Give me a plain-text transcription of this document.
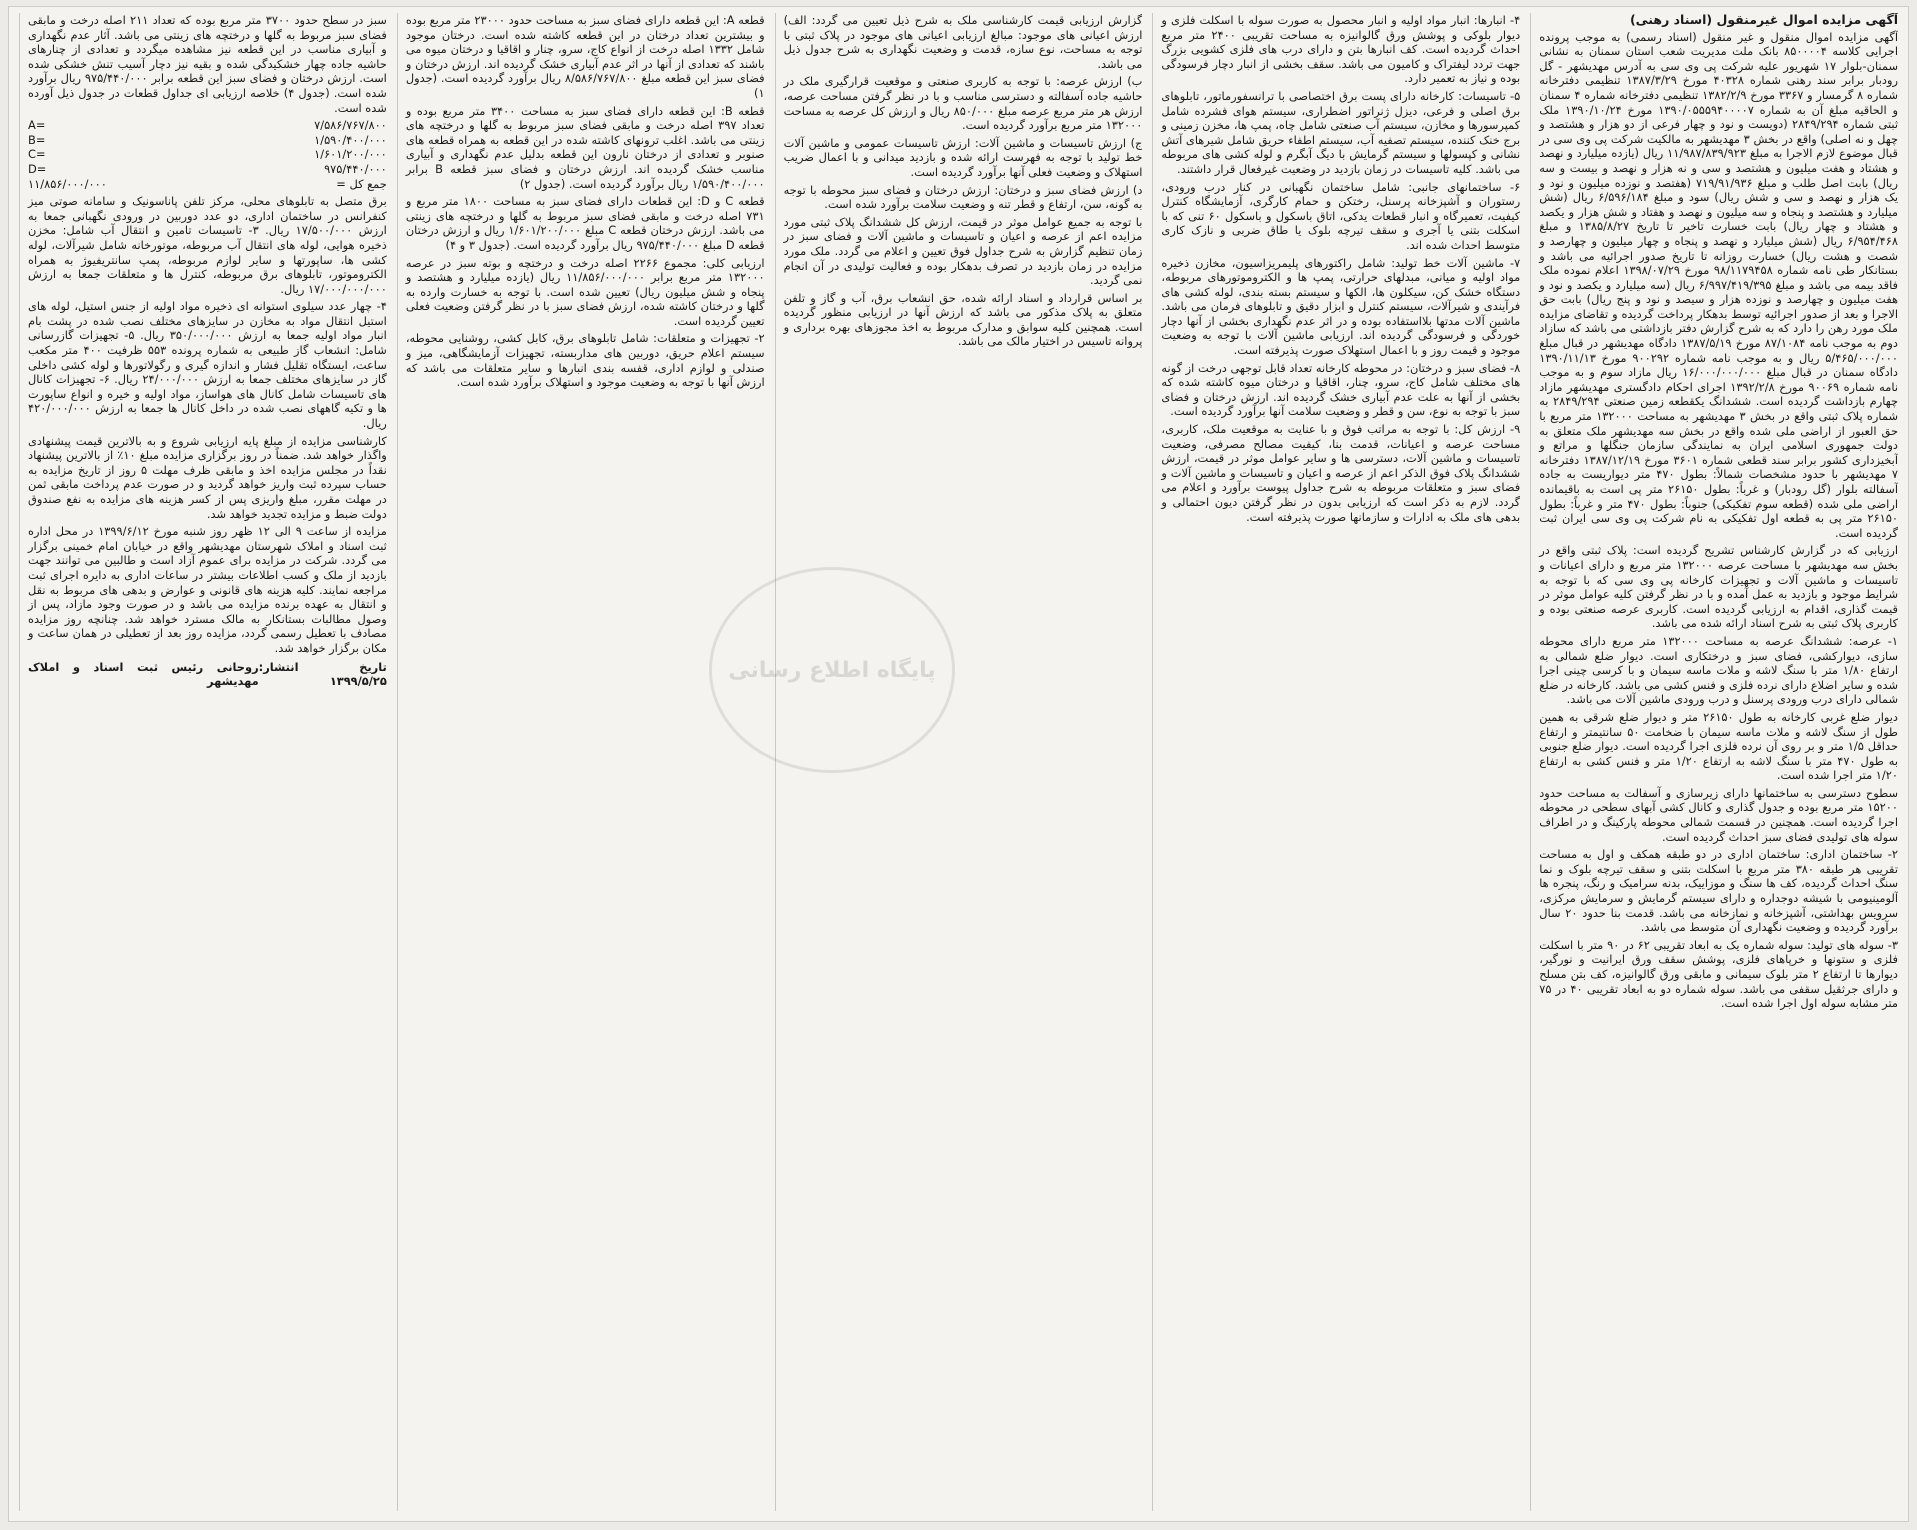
آگهی مزایده اموال غیرمنقول (اسناد رهنی)

آگهی مزایده اموال منقول و غیر منقول (اسناد رسمی) به موجب پرونده اجرایی کلاسه ۸۵۰۰۰۰۴ بانک ملت مدیریت شعب استان سمنان به نشانی سمنان-بلوار ۱۷ شهریور علیه شرکت پی وی سی به آدرس مهدیشهر - گل رودبار برابر سند رهنی شماره ۴۰۳۲۸ مورخ ۱۳۸۷/۳/۲۹ تنظیمی دفترخانه شماره ۸ گرمسار و ۳۳۶۷ مورخ ۱۳۸۲/۲/۹ تنظیمی دفترخانه شماره ۴ سمنان و الحاقیه مبلغ آن به شماره ۱۳۹۰/۰۵۵۵۹۴۰۰۰۰۷ مورخ ۱۳۹۰/۱۰/۲۴ ملک ثبتی شماره ۲۸۴۹/۲۹۴ (دویست و نود و چهار فرعی از دو هزار و هشتصد و چهل و نه اصلی) واقع در بخش ۳ مهدیشهر به مالکیت شرکت پی وی سی در قبال موضوع لازم الاجرا به مبلغ ۱۱/۹۸۷/۸۳۹/۹۲۳ ریال (یازده میلیارد و نهصد و هشتاد و هفت میلیون و هشتصد و سی و نه هزار و نهصد و بیست و سه ریال) بابت اصل طلب و مبلغ ۷۱۹/۹۱/۹۳۶ (هفتصد و نوزده میلیون و نود و یک هزار و نهصد و سی و شش ریال) سود و مبلغ ۶/۵۹۶/۱۸۴ ریال (شش میلیارد و هشتصد و پنجاه و سه میلیون و نهصد و هفتاد و شش هزار و یکصد و هشتاد و چهار ریال) بابت خسارت تاخیر تا تاریخ ۱۳۸۵/۸/۲۷ و مبلغ ۶/۹۵۴/۴۶۸ ریال (شش میلیارد و نهصد و پنجاه و چهار میلیون و چهارصد و شصت و هشت ریال) خسارت روزانه تا تاریخ صدور اجرائیه می باشد و بستانکار طی نامه شماره ۹۸/۱۱۷۹۴۵۸ مورخ ۱۳۹۸/۰۷/۲۹ اعلام نموده ملک فاقد بیمه می باشد و مبلغ ۶/۹۹۷/۴۱۹/۳۹۵ ریال (سه میلیارد و یکصد و نود و هفت میلیون و چهارصد و نوزده هزار و سیصد و نود و پنج ریال) بابت حق الاجرا و بعد از صدور اجرائیه توسط بدهکار پرداخت گردیده و تقاضای مزایده ملک مورد رهن را دارد که به شرح گزارش دفتر بازداشتی می باشد که سازاد دوم به موجب نامه ۸۷/۱۰۸۴ مورخ ۱۳۸۷/۵/۱۹ دادگاه مهدیشهر در قبال مبلغ ۵/۴۶۵/۰۰۰/۰۰۰ ریال و به موجب نامه شماره ۹۰۰۲۹۲ مورخ ۱۳۹۰/۱۱/۱۳ دادگاه سمنان در قبال مبلغ ۱۶/۰۰۰/۰۰۰/۰۰۰ ریال مازاد سوم و به موجب نامه شماره ۹۰۰۶۹ مورخ ۱۳۹۲/۲/۸ اجرای احکام دادگستری مهدیشهر مازاد چهارم بازداشت گردیده است. ششدانگ یکقطعه زمین صنعتی ۲۸۴۹/۲۹۴ به شماره پلاک ثبتی واقع در بخش ۳ مهدیشهر به مساحت ۱۳۲۰۰۰ متر مربع با حق العبور از اراضی ملی شده واقع در بخش سه مهدیشهر ملک متعلق به دولت جمهوری اسلامی ایران به نمایندگی سازمان جنگلها و مراتع و آبخیزداری کشور برابر سند قطعی شماره ۳۶۰۱ مورخ ۱۳۸۷/۱۲/۱۹ دفترخانه ۷ مهدیشهر با حدود مشخصات شمالاً: بطول ۴۷۰ متر دیواریست به جاده آسفالته بلوار (گل رودبار) و غرباً: بطول ۲۶۱۵۰ متر پی است به باقیمانده اراضی ملی شده (قطعه سوم تفکیکی) جنوباً: بطول ۴۷۰ متر و غرباً: بطول ۲۶۱۵۰ متر پی به قطعه اول تفکیکی به نام شرکت پی وی سی ایران ثبت گردیده است.

ارزیابی که در گزارش کارشناس تشریح گردیده است: پلاک ثبتی واقع در بخش سه مهدیشهر با مساحت عرصه ۱۳۲۰۰۰ متر مربع و دارای اعیانات و تاسیسات و ماشین آلات و تجهیزات کارخانه پی وی سی که با توجه به شرایط موجود و بازدید به عمل آمده و با در نظر گرفتن کلیه عوامل موثر در قیمت گذاری، اقدام به ارزیابی گردیده است. کاربری عرصه صنعتی بوده و کاربری پلاک ثبتی به شرح اسناد ارائه شده می باشد.

۱- عرصه: ششدانگ عرصه به مساحت ۱۳۲۰۰۰ متر مربع دارای محوطه سازی، دیوارکشی، فضای سبز و درختکاری است. دیوار ضلع شمالی به ارتفاع ۱/۸۰ متر با سنگ لاشه و ملات ماسه سیمان و با کرسی چینی اجرا شده و سایر اضلاع دارای نرده فلزی و فنس کشی می باشد. کارخانه در ضلع شمالی دارای درب ورودی پرسنل و درب ورودی ماشین آلات می باشد.

دیوار ضلع غربی کارخانه به طول ۲۶۱۵۰ متر و دیوار ضلع شرقی به همین طول از سنگ لاشه و ملات ماسه سیمان با ضخامت ۵۰ سانتیمتر و ارتفاع حداقل ۱/۵ متر و بر روی آن نرده فلزی اجرا گردیده است. دیوار ضلع جنوبی به طول ۴۷۰ متر با سنگ لاشه به ارتفاع ۱/۲۰ متر و فنس کشی به ارتفاع ۱/۲۰ متر اجرا شده است.

سطوح دسترسی به ساختمانها دارای زیرسازی و آسفالت به مساحت حدود ۱۵۲۰۰ متر مربع بوده و جدول گذاری و کانال کشی آبهای سطحی در محوطه اجرا گردیده است. همچنین در قسمت شمالی محوطه پارکینگ و در اطراف سوله های تولیدی فضای سبز احداث گردیده است.

۲- ساختمان اداری: ساختمان اداری در دو طبقه همکف و اول به مساحت تقریبی هر طبقه ۳۸۰ متر مربع با اسکلت بتنی و سقف تیرچه بلوک و نما سنگ احداث گردیده، کف ها سنگ و موزاییک، بدنه سرامیک و رنگ، پنجره ها آلومینیومی با شیشه دوجداره و دارای سیستم گرمایش و سرمایش مرکزی، سرویس بهداشتی، آشپزخانه و نمازخانه می باشد. قدمت بنا حدود ۲۰ سال برآورد گردیده و وضعیت نگهداری آن متوسط می باشد.

۳- سوله های تولید: سوله شماره یک به ابعاد تقریبی ۶۲ در ۹۰ متر با اسکلت فلزی و ستونها و خرپاهای فلزی، پوشش سقف ورق ایرانیت و نورگیر، دیوارها تا ارتفاع ۲ متر بلوک سیمانی و مابقی ورق گالوانیزه، کف بتن مسلح و دارای جرثقیل سقفی می باشد. سوله شماره دو به ابعاد تقریبی ۴۰ در ۷۵ متر مشابه سوله اول اجرا شده است.

۴- انبارها: انبار مواد اولیه و انبار محصول به صورت سوله با اسکلت فلزی و دیوار بلوکی و پوشش ورق گالوانیزه به مساحت تقریبی ۲۴۰۰ متر مربع احداث گردیده است. کف انبارها بتن و دارای درب های فلزی کشویی بزرگ جهت تردد لیفتراک و کامیون می باشد. سقف بخشی از انبار دچار فرسودگی بوده و نیاز به تعمیر دارد.

۵- تاسیسات: کارخانه دارای پست برق اختصاصی با ترانسفورماتور، تابلوهای برق اصلی و فرعی، دیزل ژنراتور اضطراری، سیستم هوای فشرده شامل کمپرسورها و مخازن، سیستم آب صنعتی شامل چاه، پمپ ها، مخزن زمینی و برج خنک کننده، سیستم تصفیه آب، سیستم اطفاء حریق شامل شیرهای آتش نشانی و کپسولها و سیستم گرمایش با دیگ آبگرم و لوله کشی های مربوطه می باشد. کلیه تاسیسات در زمان بازدید در وضعیت غیرفعال قرار داشتند.

۶- ساختمانهای جانبی: شامل ساختمان نگهبانی در کنار درب ورودی، رستوران و آشپزخانه پرسنل، رختکن و حمام کارگری، آزمایشگاه کنترل کیفیت، تعمیرگاه و انبار قطعات یدکی، اتاق باسکول و باسکول ۶۰ تنی که با اسکلت بتنی یا آجری و سقف تیرچه بلوک یا طاق ضربی و نازک کاری متوسط احداث شده اند.

۷- ماشین آلات خط تولید: شامل راکتورهای پلیمریزاسیون، مخازن ذخیره مواد اولیه و میانی، مبدلهای حرارتی، پمپ ها و الکتروموتورهای مربوطه، دستگاه خشک کن، سیکلون ها، الکها و سیستم بسته بندی، لوله کشی های فرآیندی و شیرآلات، سیستم کنترل و ابزار دقیق و تابلوهای فرمان می باشد. ماشین آلات مدتها بلااستفاده بوده و در اثر عدم نگهداری بخشی از آنها دچار خوردگی و فرسودگی گردیده اند. ارزیابی ماشین آلات با توجه به وضعیت موجود و قیمت روز و با اعمال استهلاک صورت پذیرفته است.

۸- فضای سبز و درختان: در محوطه کارخانه تعداد قابل توجهی درخت از گونه های مختلف شامل کاج، سرو، چنار، اقاقیا و درختان میوه کاشته شده که بخشی از آنها به علت عدم آبیاری خشک گردیده اند. ارزش درختان و فضای سبز با توجه به نوع، سن و قطر و وضعیت سلامت آنها برآورد گردیده است.

۹- ارزش کل: با توجه به مراتب فوق و با عنایت به موقعیت ملک، کاربری، مساحت عرصه و اعیانات، قدمت بنا، کیفیت مصالح مصرفی، وضعیت تاسیسات و ماشین آلات، دسترسی ها و سایر عوامل موثر در قیمت، ارزش ششدانگ پلاک فوق الذکر اعم از عرصه و اعیان و تاسیسات و ماشین آلات و فضای سبز و متعلقات مربوطه به شرح جداول پیوست برآورد و اعلام می گردد. لازم به ذکر است که ارزیابی بدون در نظر گرفتن دیون احتمالی و بدهی های ملک به ادارات و سازمانها صورت پذیرفته است.

گزارش ارزیابی قیمت کارشناسی ملک به شرح ذیل تعیین می گردد: الف) ارزش اعیانی های موجود: مبالغ ارزیابی اعیانی های موجود در پلاک ثبتی با توجه به مساحت، نوع سازه، قدمت و وضعیت نگهداری به شرح جدول ذیل می باشد.

ب) ارزش عرصه: با توجه به کاربری صنعتی و موقعیت قرارگیری ملک در حاشیه جاده آسفالته و دسترسی مناسب و با در نظر گرفتن مساحت عرصه، ارزش هر متر مربع عرصه مبلغ ۸۵۰/۰۰۰ ریال و ارزش کل عرصه به مساحت ۱۳۲۰۰۰ متر مربع برآورد گردیده است.

ج) ارزش تاسیسات و ماشین آلات: ارزش تاسیسات عمومی و ماشین آلات خط تولید با توجه به فهرست ارائه شده و بازدید میدانی و با اعمال ضریب استهلاک و وضعیت فعلی آنها برآورد گردیده است.

د) ارزش فضای سبز و درختان: ارزش درختان و فضای سبز محوطه با توجه به گونه، سن، ارتفاع و قطر تنه و وضعیت سلامت برآورد شده است.

با توجه به جمیع عوامل موثر در قیمت، ارزش کل ششدانگ پلاک ثبتی مورد مزایده اعم از عرصه و اعیان و تاسیسات و ماشین آلات و فضای سبز در زمان تنظیم گزارش به شرح جداول فوق تعیین و اعلام می گردد. ملک مورد مزایده در زمان بازدید در تصرف بدهکار بوده و فعالیت تولیدی در آن انجام نمی گردید.

بر اساس قرارداد و اسناد ارائه شده، حق انشعاب برق، آب و گاز و تلفن متعلق به پلاک مذکور می باشد که ارزش آنها در ارزیابی منظور گردیده است. همچنین کلیه سوابق و مدارک مربوط به اخذ مجوزهای بهره برداری و پروانه تاسیس در اختیار مالک می باشد.

قطعه A: این قطعه دارای فضای سبز به مساحت حدود ۲۳۰۰۰ متر مربع بوده و بیشترین تعداد درختان در این قطعه کاشته شده است. درختان موجود شامل ۱۳۳۲ اصله درخت از انواع کاج، سرو، چنار و اقاقیا و درختان میوه می باشند که تعدادی از آنها در اثر عدم آبیاری خشک گردیده اند. ارزش درختان و فضای سبز این قطعه مبلغ ۸/۵۸۶/۷۶۷/۸۰۰ ریال برآورد گردیده است. (جدول ۱)

قطعه B: این قطعه دارای فضای سبز به مساحت ۳۴۰۰ متر مربع بوده و تعداد ۳۹۷ اصله درخت و مابقی فضای سبز مربوط به گلها و درختچه های زینتی می باشد. اغلب ترونهای کاشته شده در این قطعه به همراه قطعه های صنوبر و تعدادی از درختان نارون این قطعه بدلیل عدم نگهداری و آبیاری مناسب خشک گردیده اند. ارزش درختان و فضای سبز قطعه B برابر ۱/۵۹۰/۴۰۰/۰۰۰ ریال برآورد گردیده است. (جدول ۲)

قطعه C و D: این قطعات دارای فضای سبز به مساحت ۱۸۰۰ متر مربع و ۷۳۱ اصله درخت و مابقی فضای سبز مربوط به گلها و درختچه های زینتی می باشد. ارزش درختان قطعه C مبلغ ۱/۶۰۱/۲۰۰/۰۰۰ ریال و ارزش درختان قطعه D مبلغ ۹۷۵/۴۴۰/۰۰۰ ریال برآورد گردیده است. (جدول ۳ و ۴)

ارزیابی کلی: مجموع ۲۲۶۶ اصله درخت و درختچه و بوته سبز در عرصه ۱۳۲۰۰۰ متر مربع برابر ۱۱/۸۵۶/۰۰۰/۰۰۰ ریال (یازده میلیارد و هشتصد و پنجاه و شش میلیون ریال) تعیین شده است. با توجه به خسارت وارده به گلها و درختان کاشته شده، ارزش فضای سبز با در نظر گرفتن وضعیت فعلی تعیین گردیده است.

۲- تجهیزات و متعلقات: شامل تابلوهای برق، کابل کشی، روشنایی محوطه، سیستم اعلام حریق، دوربین های مداربسته، تجهیزات آزمایشگاهی، میز و صندلی و لوازم اداری، قفسه بندی انبارها و سایر متعلقات می باشد که ارزش آنها با توجه به وضعیت موجود و استهلاک برآورد شده است.

سبز در سطح حدود ۳۷۰۰ متر مربع بوده که تعداد ۲۱۱ اصله درخت و مابقی فضای سبز مربوط به گلها و درختچه های زینتی می باشد. آثار عدم نگهداری و آبیاری مناسب در این قطعه نیز مشاهده میگردد و تعدادی از چنارهای حاشیه جاده چهار خشکیدگی شده و بقیه نیز دچار آسیب تنش خشکی شده است. ارزش درختان و فضای سبز این قطعه برابر ۹۷۵/۴۴۰/۰۰۰ ریال برآورد شده است. (جدول ۴) خلاصه ارزیابی ای جداول قطعات در جدول ذیل آورده شده است.

۷/۵۸۶/۷۶۷/۸۰۰
=A
۱/۵۹۰/۴۰۰/۰۰۰
=B
۱/۶۰۱/۲۰۰/۰۰۰
=C
۹۷۵/۴۴۰/۰۰۰
=D
جمع کل =
۱۱/۸۵۶/۰۰۰/۰۰۰

برق متصل به تابلوهای محلی، مرکز تلفن پاناسونیک و سامانه صوتی میز کنفرانس در ساختمان اداری، دو عدد دوربین در ورودی نگهبانی جمعا به ارزش ۱۷/۵۰۰/۰۰۰ ریال. ۳- تاسیسات تامین و انتقال آب شامل: مخزن ذخیره هوایی، لوله های انتقال آب مربوطه، موتورخانه شامل شیرآلات، لوله کشی ها، ساپورتها و سایر لوازم مربوطه، پمپ سانتریفیوژ به همراه الکتروموتور، تابلوهای برق مربوطه، کنترل ها و متعلقات جمعا به ارزش ۱۷/۰۰۰/۰۰۰/۰۰۰ ریال.

۴- چهار عدد سیلوی استوانه ای ذخیره مواد اولیه از جنس استیل، لوله های استیل انتقال مواد به مخازن در سایزهای مختلف نصب شده در پشت بام انبار مواد اولیه جمعا به ارزش ۳۵۰/۰۰۰/۰۰۰ ریال. ۵- تجهیزات گازرسانی شامل: انشعاب گاز طبیعی به شماره پرونده ۵۵۳ ظرفیت ۴۰۰ متر مکعب ساعت، ایستگاه تقلیل فشار و اندازه گیری و رگولاتورها و لوله کشی داخلی گاز در سایزهای مختلف جمعا به ارزش ۲۴/۰۰۰/۰۰۰ ریال. ۶- تجهیزات کانال های تاسیسات شامل کانال های هواساز، مواد اولیه و خیره و انواع ساپورت ها و تکیه گاههای نصب شده در داخل کانال ها جمعا به ارزش ۴۲۰/۰۰۰/۰۰۰ ریال.

کارشناسی مزایده از مبلغ پایه ارزیابی شروع و به بالاترین قیمت پیشنهادی واگذار خواهد شد. ضمناً در روز برگزاری مزایده مبلغ ۱۰٪ از بالاترین پیشنهاد نقداً در مجلس مزایده اخذ و مابقی ظرف مهلت ۵ روز از تاریخ مزایده به حساب سپرده ثبت واریز خواهد گردید و در صورت عدم پرداخت مابقی ثمن در مهلت مقرر، مبلغ واریزی پس از کسر هزینه های مزایده به نفع صندوق دولت ضبط و مزایده تجدید خواهد شد.

مزایده از ساعت ۹ الی ۱۲ ظهر روز شنبه مورخ ۱۳۹۹/۶/۱۲ در محل اداره ثبت اسناد و املاک شهرستان مهدیشهر واقع در خیابان امام خمینی برگزار می گردد. شرکت در مزایده برای عموم آزاد است و طالبین می توانند جهت بازدید از ملک و کسب اطلاعات بیشتر در ساعات اداری به دایره اجرای ثبت مراجعه نمایند. کلیه هزینه های قانونی و عوارض و بدهی های مربوط به نقل و انتقال به عهده برنده مزایده می باشد و در صورت وجود مازاد، پس از وصول مطالبات بستانکار به مالک مسترد خواهد شد. چنانچه روز مزایده مصادف با تعطیل رسمی گردد، مزایده روز بعد از تعطیلی در همان ساعت و مکان برگزار خواهد شد.

تاریخ انتشار: ۱۳۹۹/۵/۲۵
روحانی رئیس ثبت اسناد و املاک مهدیشهر	پایگاه اطلاع رسانی
